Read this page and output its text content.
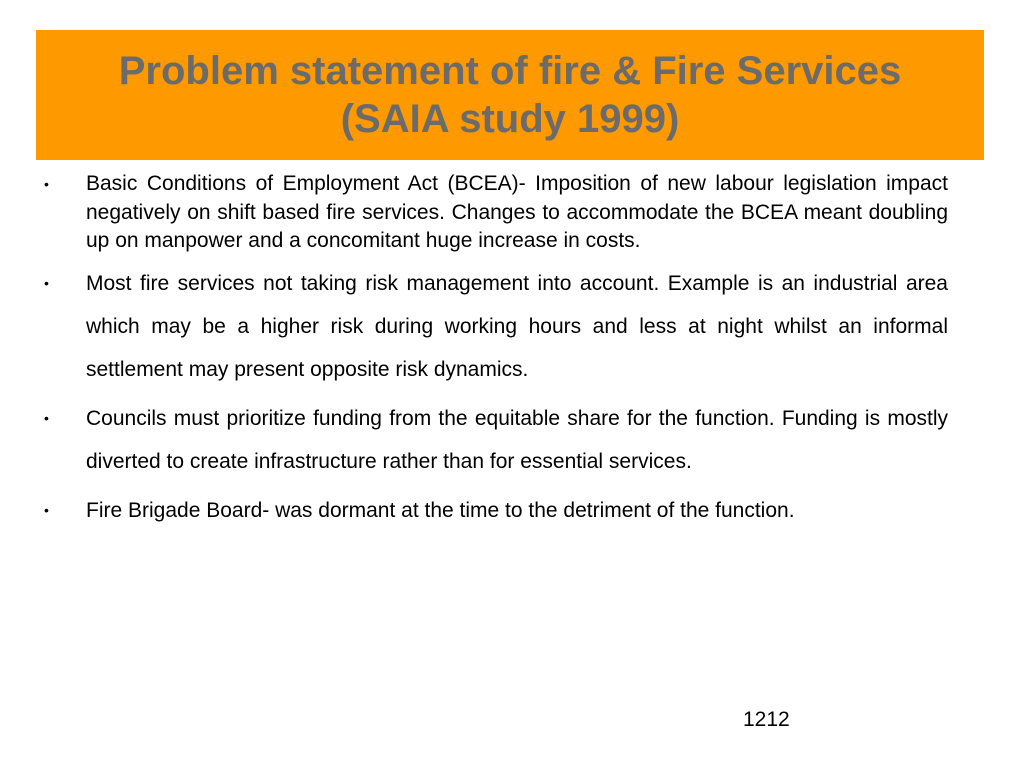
Problem statement of fire & Fire Services
(SAIA study 1999)
• Basic Conditions of Employment Act (BCEA)- Imposition of new labour legislation impact negatively on shift based fire services. Changes to accommodate the BCEA meant doubling up on manpower and a concomitant huge increase in costs.
• Most fire services not taking risk management into account. Example is an industrial area which may be a higher risk during working hours and less at night whilst an informal settlement may present opposite risk dynamics.
• Councils must prioritize funding from the equitable share for the function. Funding is mostly diverted to create infrastructure rather than for essential services.
• Fire Brigade Board- was dormant at the time to the detriment of the function.
1212
